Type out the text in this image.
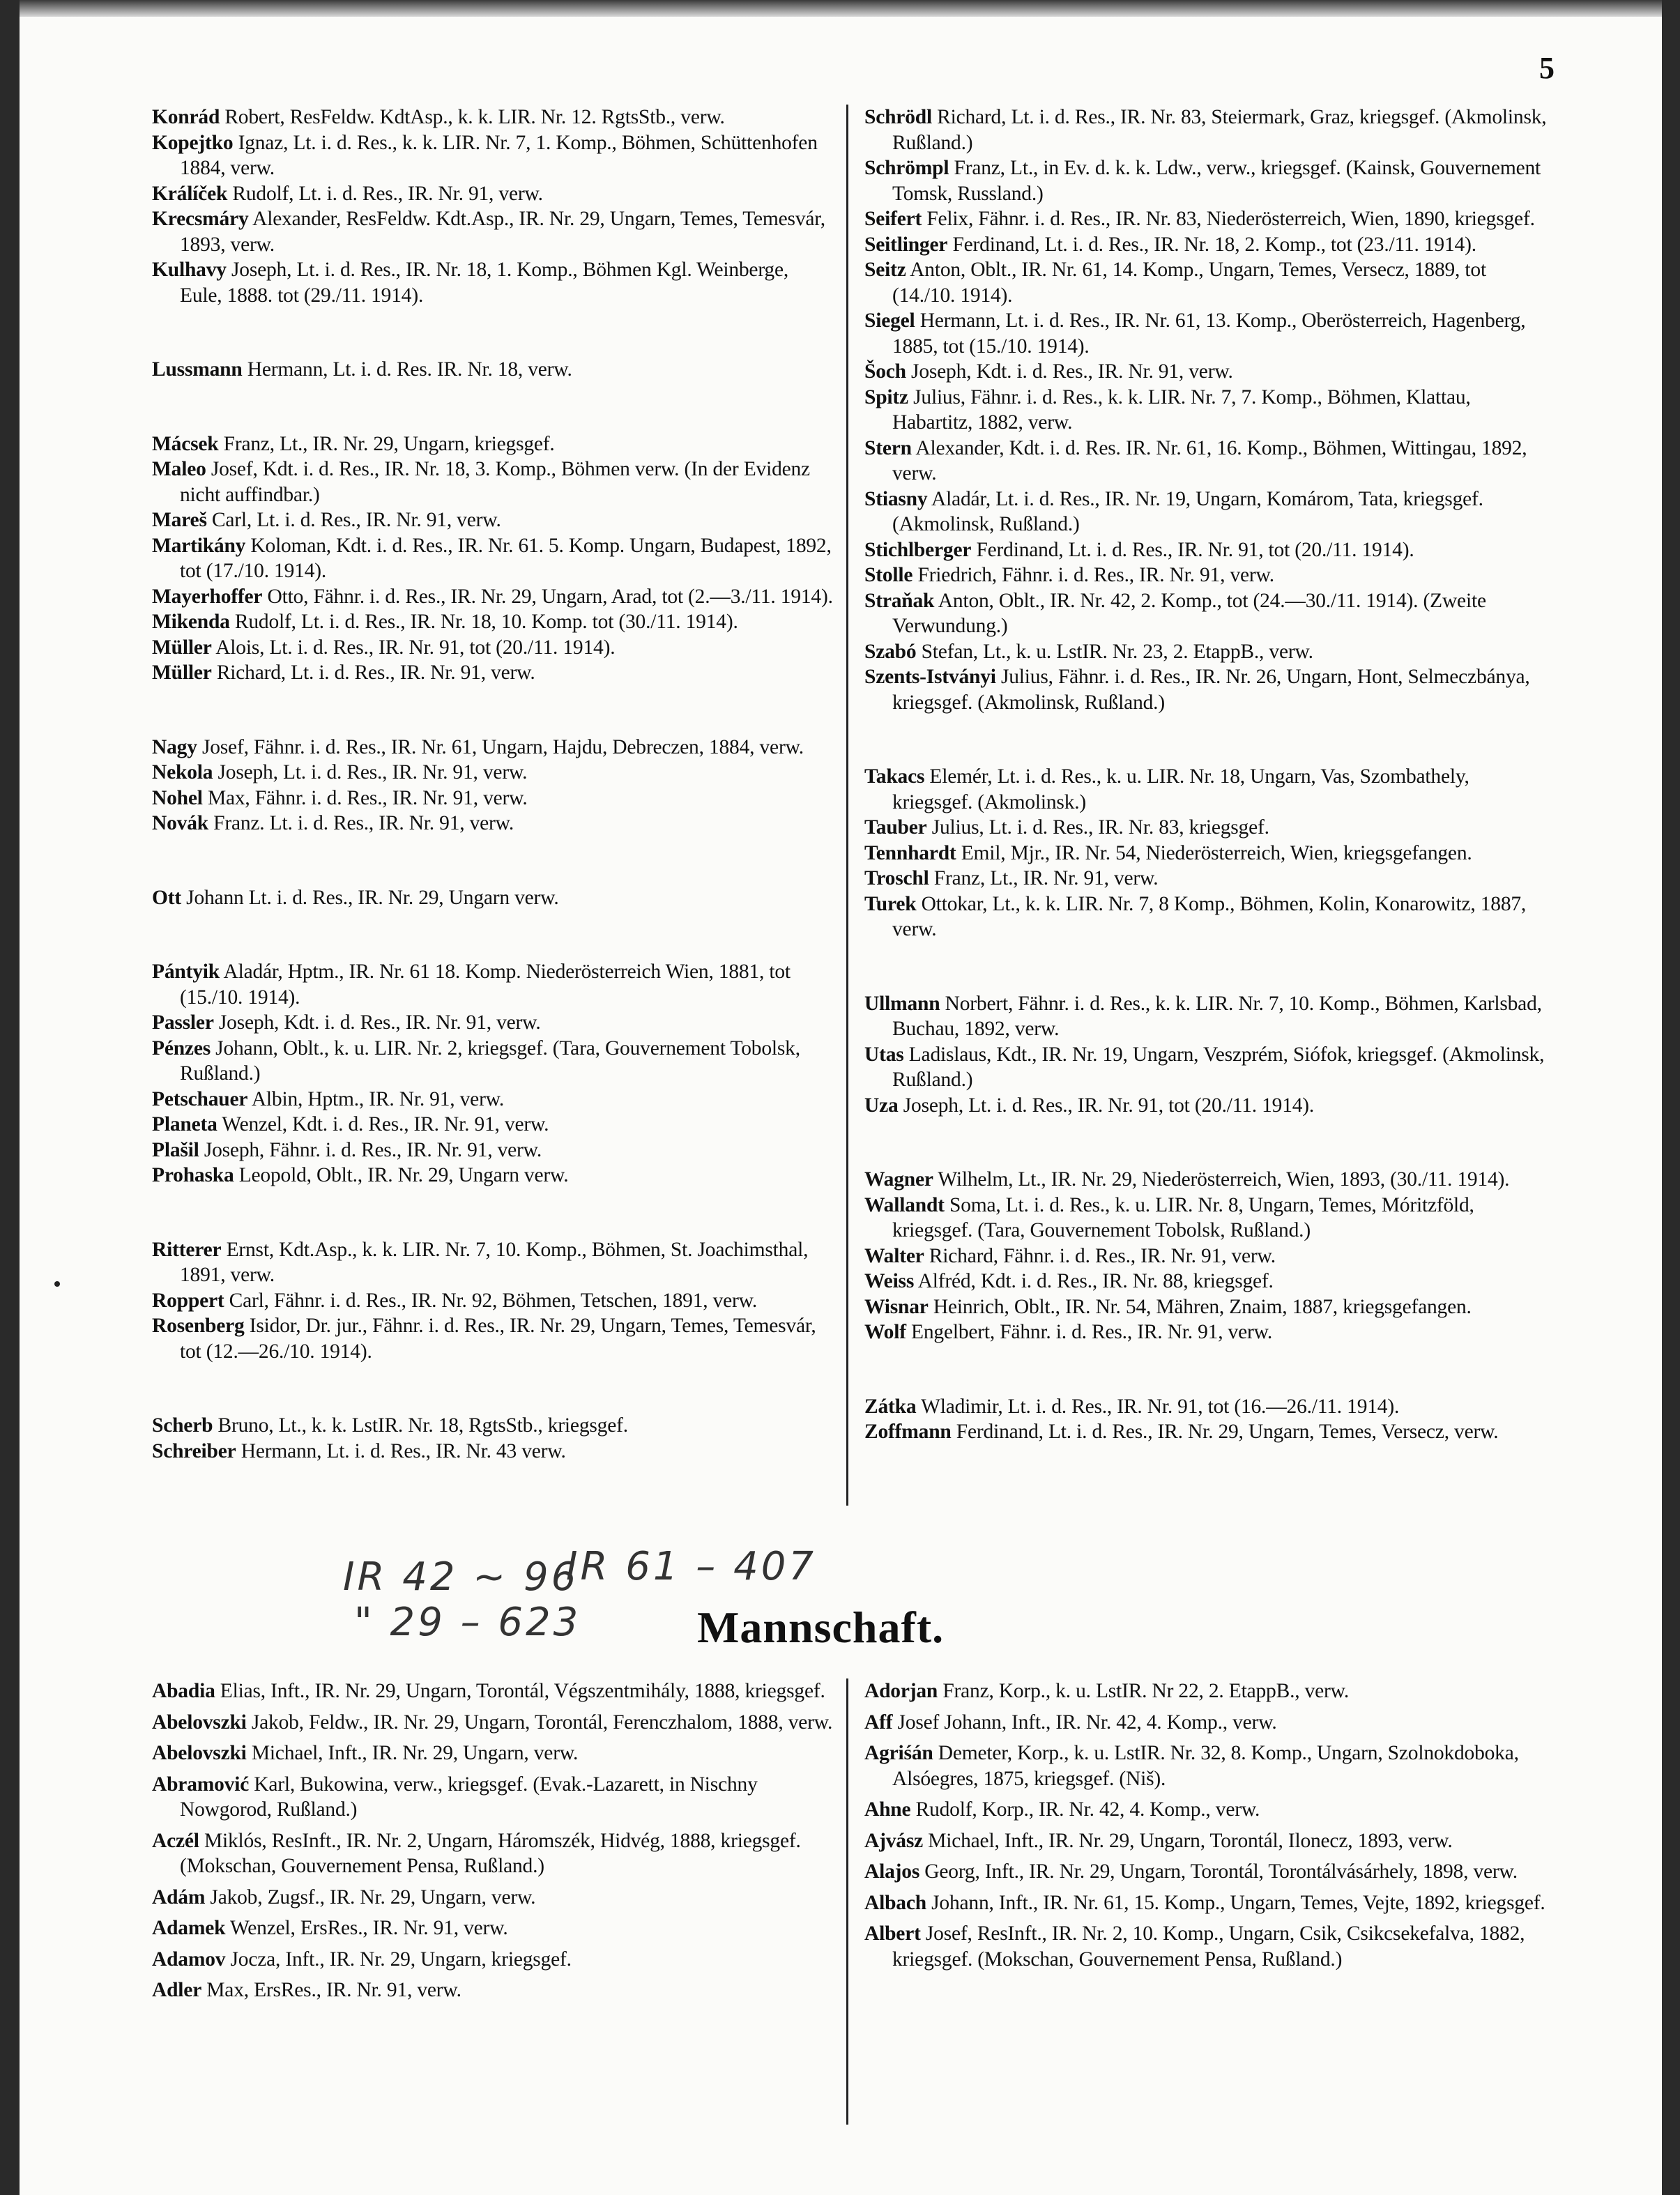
5

Konrád Robert, ResFeldw. KdtAsp., k. k. LIR. Nr. 12. RgtsStb., verw.

Kopejtko Ignaz, Lt. i. d. Res., k. k. LIR. Nr. 7, 1. Komp., Böhmen, Schüttenhofen 1884, verw.

Králíček Rudolf, Lt. i. d. Res., IR. Nr. 91, verw.

Krecsmáry Alexander, ResFeldw. Kdt.Asp., IR. Nr. 29, Ungarn, Temes, Temesvár, 1893, verw.

Kulhavy Joseph, Lt. i. d. Res., IR. Nr. 18, 1. Komp., Böhmen Kgl. Weinberge, Eule, 1888. tot (29./11. 1914).

Lussmann Hermann, Lt. i. d. Res. IR. Nr. 18, verw.

Mácsek Franz, Lt., IR. Nr. 29, Ungarn, kriegsgef.

Maleo Josef, Kdt. i. d. Res., IR. Nr. 18, 3. Komp., Böhmen verw. (In der Evidenz nicht auffindbar.)

Mareš Carl, Lt. i. d. Res., IR. Nr. 91, verw.

Martikány Koloman, Kdt. i. d. Res., IR. Nr. 61. 5. Komp. Ungarn, Budapest, 1892, tot (17./10. 1914).

Mayerhoffer Otto, Fähnr. i. d. Res., IR. Nr. 29, Ungarn, Arad, tot (2.—3./11. 1914).

Mikenda Rudolf, Lt. i. d. Res., IR. Nr. 18, 10. Komp. tot (30./11. 1914).

Müller Alois, Lt. i. d. Res., IR. Nr. 91, tot (20./11. 1914).

Müller Richard, Lt. i. d. Res., IR. Nr. 91, verw.

Nagy Josef, Fähnr. i. d. Res., IR. Nr. 61, Ungarn, Hajdu, Debreczen, 1884, verw.

Nekola Joseph, Lt. i. d. Res., IR. Nr. 91, verw.

Nohel Max, Fähnr. i. d. Res., IR. Nr. 91, verw.

Novák Franz. Lt. i. d. Res., IR. Nr. 91, verw.

Ott Johann Lt. i. d. Res., IR. Nr. 29, Ungarn verw.

Pántyik Aladár, Hptm., IR. Nr. 61 18. Komp. Niederösterreich Wien, 1881, tot (15./10. 1914).

Passler Joseph, Kdt. i. d. Res., IR. Nr. 91, verw.

Pénzes Johann, Oblt., k. u. LIR. Nr. 2, kriegsgef. (Tara, Gouvernement Tobolsk, Rußland.)

Petschauer Albin, Hptm., IR. Nr. 91, verw.

Planeta Wenzel, Kdt. i. d. Res., IR. Nr. 91, verw.

Plašil Joseph, Fähnr. i. d. Res., IR. Nr. 91, verw.

Prohaska Leopold, Oblt., IR. Nr. 29, Ungarn verw.

Ritterer Ernst, Kdt.Asp., k. k. LIR. Nr. 7, 10. Komp., Böhmen, St. Joachimsthal, 1891, verw.

Roppert Carl, Fähnr. i. d. Res., IR. Nr. 92, Böhmen, Tetschen, 1891, verw.

Rosenberg Isidor, Dr. jur., Fähnr. i. d. Res., IR. Nr. 29, Ungarn, Temes, Temesvár, tot (12.—26./10. 1914).

Scherb Bruno, Lt., k. k. LstIR. Nr. 18, RgtsStb., kriegsgef.

Schreiber Hermann, Lt. i. d. Res., IR. Nr. 43 verw.

Schrödl Richard, Lt. i. d. Res., IR. Nr. 83, Steiermark, Graz, kriegsgef. (Akmolinsk, Rußland.)

Schrömpl Franz, Lt., in Ev. d. k. k. Ldw., verw., kriegsgef. (Kainsk, Gouvernement Tomsk, Russland.)

Seifert Felix, Fähnr. i. d. Res., IR. Nr. 83, Niederösterreich, Wien, 1890, kriegsgef.

Seitlinger Ferdinand, Lt. i. d. Res., IR. Nr. 18, 2. Komp., tot (23./11. 1914).

Seitz Anton, Oblt., IR. Nr. 61, 14. Komp., Ungarn, Temes, Versecz, 1889, tot (14./10. 1914).

Siegel Hermann, Lt. i. d. Res., IR. Nr. 61, 13. Komp., Oberösterreich, Hagenberg, 1885, tot (15./10. 1914).

Šoch Joseph, Kdt. i. d. Res., IR. Nr. 91, verw.

Spitz Julius, Fähnr. i. d. Res., k. k. LIR. Nr. 7, 7. Komp., Böhmen, Klattau, Habartitz, 1882, verw.

Stern Alexander, Kdt. i. d. Res. IR. Nr. 61, 16. Komp., Böhmen, Wittingau, 1892, verw.

Stiasny Aladár, Lt. i. d. Res., IR. Nr. 19, Ungarn, Komárom, Tata, kriegsgef. (Akmolinsk, Rußland.)

Stichlberger Ferdinand, Lt. i. d. Res., IR. Nr. 91, tot (20./11. 1914).

Stolle Friedrich, Fähnr. i. d. Res., IR. Nr. 91, verw.

Straňak Anton, Oblt., IR. Nr. 42, 2. Komp., tot (24.—30./11. 1914). (Zweite Verwundung.)

Szabó Stefan, Lt., k. u. LstIR. Nr. 23, 2. EtappB., verw.

Szents-Istványi Julius, Fähnr. i. d. Res., IR. Nr. 26, Ungarn, Hont, Selmeczbánya, kriegsgef. (Akmolinsk, Rußland.)

Takacs Elemér, Lt. i. d. Res., k. u. LIR. Nr. 18, Ungarn, Vas, Szombathely, kriegsgef. (Akmolinsk.)

Tauber Julius, Lt. i. d. Res., IR. Nr. 83, kriegsgef.

Tennhardt Emil, Mjr., IR. Nr. 54, Niederösterreich, Wien, kriegsgefangen.

Troschl Franz, Lt., IR. Nr. 91, verw.

Turek Ottokar, Lt., k. k. LIR. Nr. 7, 8 Komp., Böhmen, Kolin, Konarowitz, 1887, verw.

Ullmann Norbert, Fähnr. i. d. Res., k. k. LIR. Nr. 7, 10. Komp., Böhmen, Karlsbad, Buchau, 1892, verw.

Utas Ladislaus, Kdt., IR. Nr. 19, Ungarn, Veszprém, Siófok, kriegsgef. (Akmolinsk, Rußland.)

Uza Joseph, Lt. i. d. Res., IR. Nr. 91, tot (20./11. 1914).

Wagner Wilhelm, Lt., IR. Nr. 29, Niederösterreich, Wien, 1893, (30./11. 1914).

Wallandt Soma, Lt. i. d. Res., k. u. LIR. Nr. 8, Ungarn, Temes, Móritzföld, kriegsgef. (Tara, Gouvernement Tobolsk, Rußland.)

Walter Richard, Fähnr. i. d. Res., IR. Nr. 91, verw.

Weiss Alfréd, Kdt. i. d. Res., IR. Nr. 88, kriegsgef.

Wisnar Heinrich, Oblt., IR. Nr. 54, Mähren, Znaim, 1887, kriegsgefangen.

Wolf Engelbert, Fähnr. i. d. Res., IR. Nr. 91, verw.

Zátka Wladimir, Lt. i. d. Res., IR. Nr. 91, tot (16.—26./11. 1914).

Zoffmann Ferdinand, Lt. i. d. Res., IR. Nr. 29, Ungarn, Temes, Versecz, verw.

IR 42 ~ 96
IR 61 – 407
" 29 – 623	Mannschaft.

Abadia Elias, Inft., IR. Nr. 29, Ungarn, Torontál, Végszentmihály, 1888, kriegsgef.

Abelovszki Jakob, Feldw., IR. Nr. 29, Ungarn, Torontál, Ferenczhalom, 1888, verw.

Abelovszki Michael, Inft., IR. Nr. 29, Ungarn, verw.

Abramović Karl, Bukowina, verw., kriegsgef. (Evak.-Lazarett, in Nischny Nowgorod, Rußland.)

Aczél Miklós, ResInft., IR. Nr. 2, Ungarn, Háromszék, Hidvég, 1888, kriegsgef. (Mokschan, Gouvernement Pensa, Rußland.)

Adám Jakob, Zugsf., IR. Nr. 29, Ungarn, verw.

Adamek Wenzel, ErsRes., IR. Nr. 91, verw.

Adamov Jocza, Inft., IR. Nr. 29, Ungarn, kriegsgef.

Adler Max, ErsRes., IR. Nr. 91, verw.

Adorjan Franz, Korp., k. u. LstIR. Nr 22, 2. EtappB., verw.

Aff Josef Johann, Inft., IR. Nr. 42, 4. Komp., verw.

Agriśán Demeter, Korp., k. u. LstIR. Nr. 32, 8. Komp., Ungarn, Szolnokdoboka, Alsóegres, 1875, kriegsgef. (Niš).

Ahne Rudolf, Korp., IR. Nr. 42, 4. Komp., verw.

Ajvász Michael, Inft., IR. Nr. 29, Ungarn, Torontál, Ilonecz, 1893, verw.

Alajos Georg, Inft., IR. Nr. 29, Ungarn, Torontál, Torontálvásárhely, 1898, verw.

Albach Johann, Inft., IR. Nr. 61, 15. Komp., Ungarn, Temes, Vejte, 1892, kriegsgef.

Albert Josef, ResInft., IR. Nr. 2, 10. Komp., Ungarn, Csik, Csikcsekefalva, 1882, kriegsgef. (Mokschan, Gouvernement Pensa, Rußland.)
